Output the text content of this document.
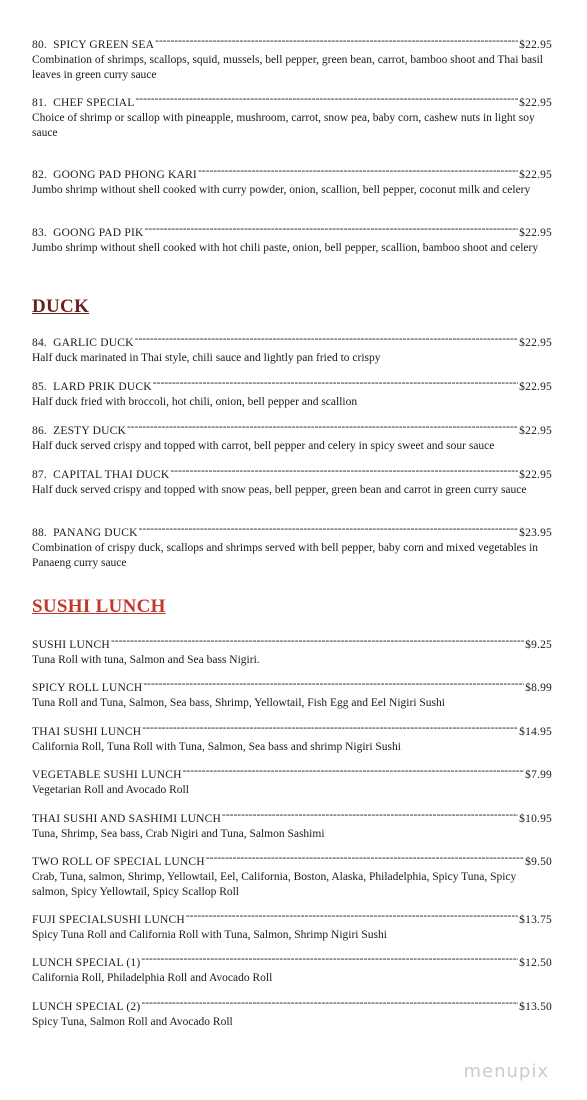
80. SPICY GREEN SEA -----	$22.95
Combination of shrimps, scallops, squid, mussels, bell pepper, green bean, carrot, bamboo shoot and Thai basil leaves in green curry sauce
81. CHEF SPECIAL -----	$22.95
Choice of shrimp or scallop with pineapple, mushroom, carrot, snow pea, baby corn, cashew nuts in light soy sauce
82. GOONG PAD PHONG KARI -----	$22.95
Jumbo shrimp without shell cooked with curry powder, onion, scallion, bell pepper, coconut milk and celery
83. GOONG PAD PIK -----	$22.95
Jumbo shrimp without shell cooked with hot chili paste, onion, bell pepper, scallion, bamboo shoot and celery
DUCK
84. GARLIC DUCK -----	$22.95
Half duck marinated in Thai style, chili sauce and lightly pan fried to crispy
85. LARD PRIK DUCK -----	$22.95
Half duck fried with broccoli, hot chili, onion, bell pepper and scallion
86. ZESTY DUCK -----	$22.95
Half duck served crispy and topped with carrot, bell pepper and celery in spicy sweet and sour sauce
87. CAPITAL THAI DUCK -----	$22.95
Half duck served crispy and topped with snow peas, bell pepper, green bean and carrot in green curry sauce
88. PANANG DUCK -----	$23.95
Combination of crispy duck, scallops and shrimps served with bell pepper, baby corn and mixed vegetables in Panaeng curry sauce
SUSHI LUNCH
SUSHI LUNCH -----	$9.25
Tuna Roll with tuna, Salmon and Sea bass Nigiri.
SPICY ROLL LUNCH -----	$8.99
Tuna Roll and Tuna, Salmon, Sea bass, Shrimp, Yellowtail, Fish Egg and Eel Nigiri Sushi
THAI SUSHI LUNCH -----	$14.95
California Roll, Tuna Roll with Tuna, Salmon, Sea bass and shrimp Nigiri Sushi
VEGETABLE SUSHI LUNCH -----	$7.99
Vegetarian Roll and Avocado Roll
THAI SUSHI AND SASHIMI LUNCH -----	$10.95
Tuna, Shrimp, Sea bass, Crab Nigiri and Tuna, Salmon Sashimi
TWO ROLL OF SPECIAL LUNCH -----	$9.50
Crab, Tuna, salmon, Shrimp, Yellowtail, Eel, California, Boston, Alaska, Philadelphia, Spicy Tuna, Spicy salmon, Spicy Yellowtail, Spicy Scallop Roll
FUJI SPECIALSUSHI LUNCH -----	$13.75
Spicy Tuna Roll and California Roll with Tuna, Salmon, Shrimp Nigiri Sushi
LUNCH SPECIAL (1) -----	$12.50
California Roll, Philadelphia Roll and Avocado Roll
LUNCH SPECIAL (2) -----	$13.50
Spicy Tuna, Salmon Roll and Avocado Roll
menupix
